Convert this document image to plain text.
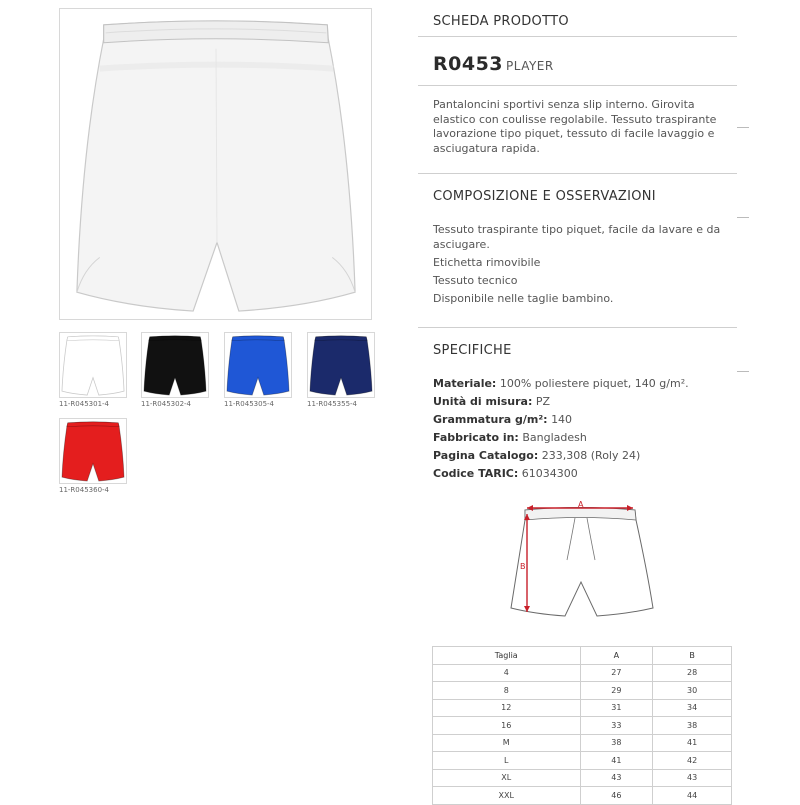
11-R045301-4	11-R045302-4	11-R045305-4	11-R045355-4
11-R045360-4
SCHEDA PRODOTTO
R0453 PLAYER
Pantaloncini sportivi senza slip interno. Girovita elastico con coulisse regolabile. Tessuto traspirante lavorazione tipo piquet, tessuto di facile lavaggio e asciugatura rapida.
COMPOSIZIONE E OSSERVAZIONI
Tessuto traspirante tipo piquet, facile da lavare e da asciugare.
Etichetta rimovibile
Tessuto tecnico
Disponibile nelle taglie bambino.
SPECIFICHE
Materiale: 100% poliestere piquet, 140 g/m².
Unità di misura: PZ
Grammatura g/m²: 140
Fabbricato in: Bangladesh
Pagina Catalogo: 233,308 (Roly 24)
Codice TARIC: 61034300
A
B
Taglia	A	B
4	27	28
8	29	30
12	31	34
16	33	38
M	38	41
L	41	42
XL	43	43
XXL	46	44
